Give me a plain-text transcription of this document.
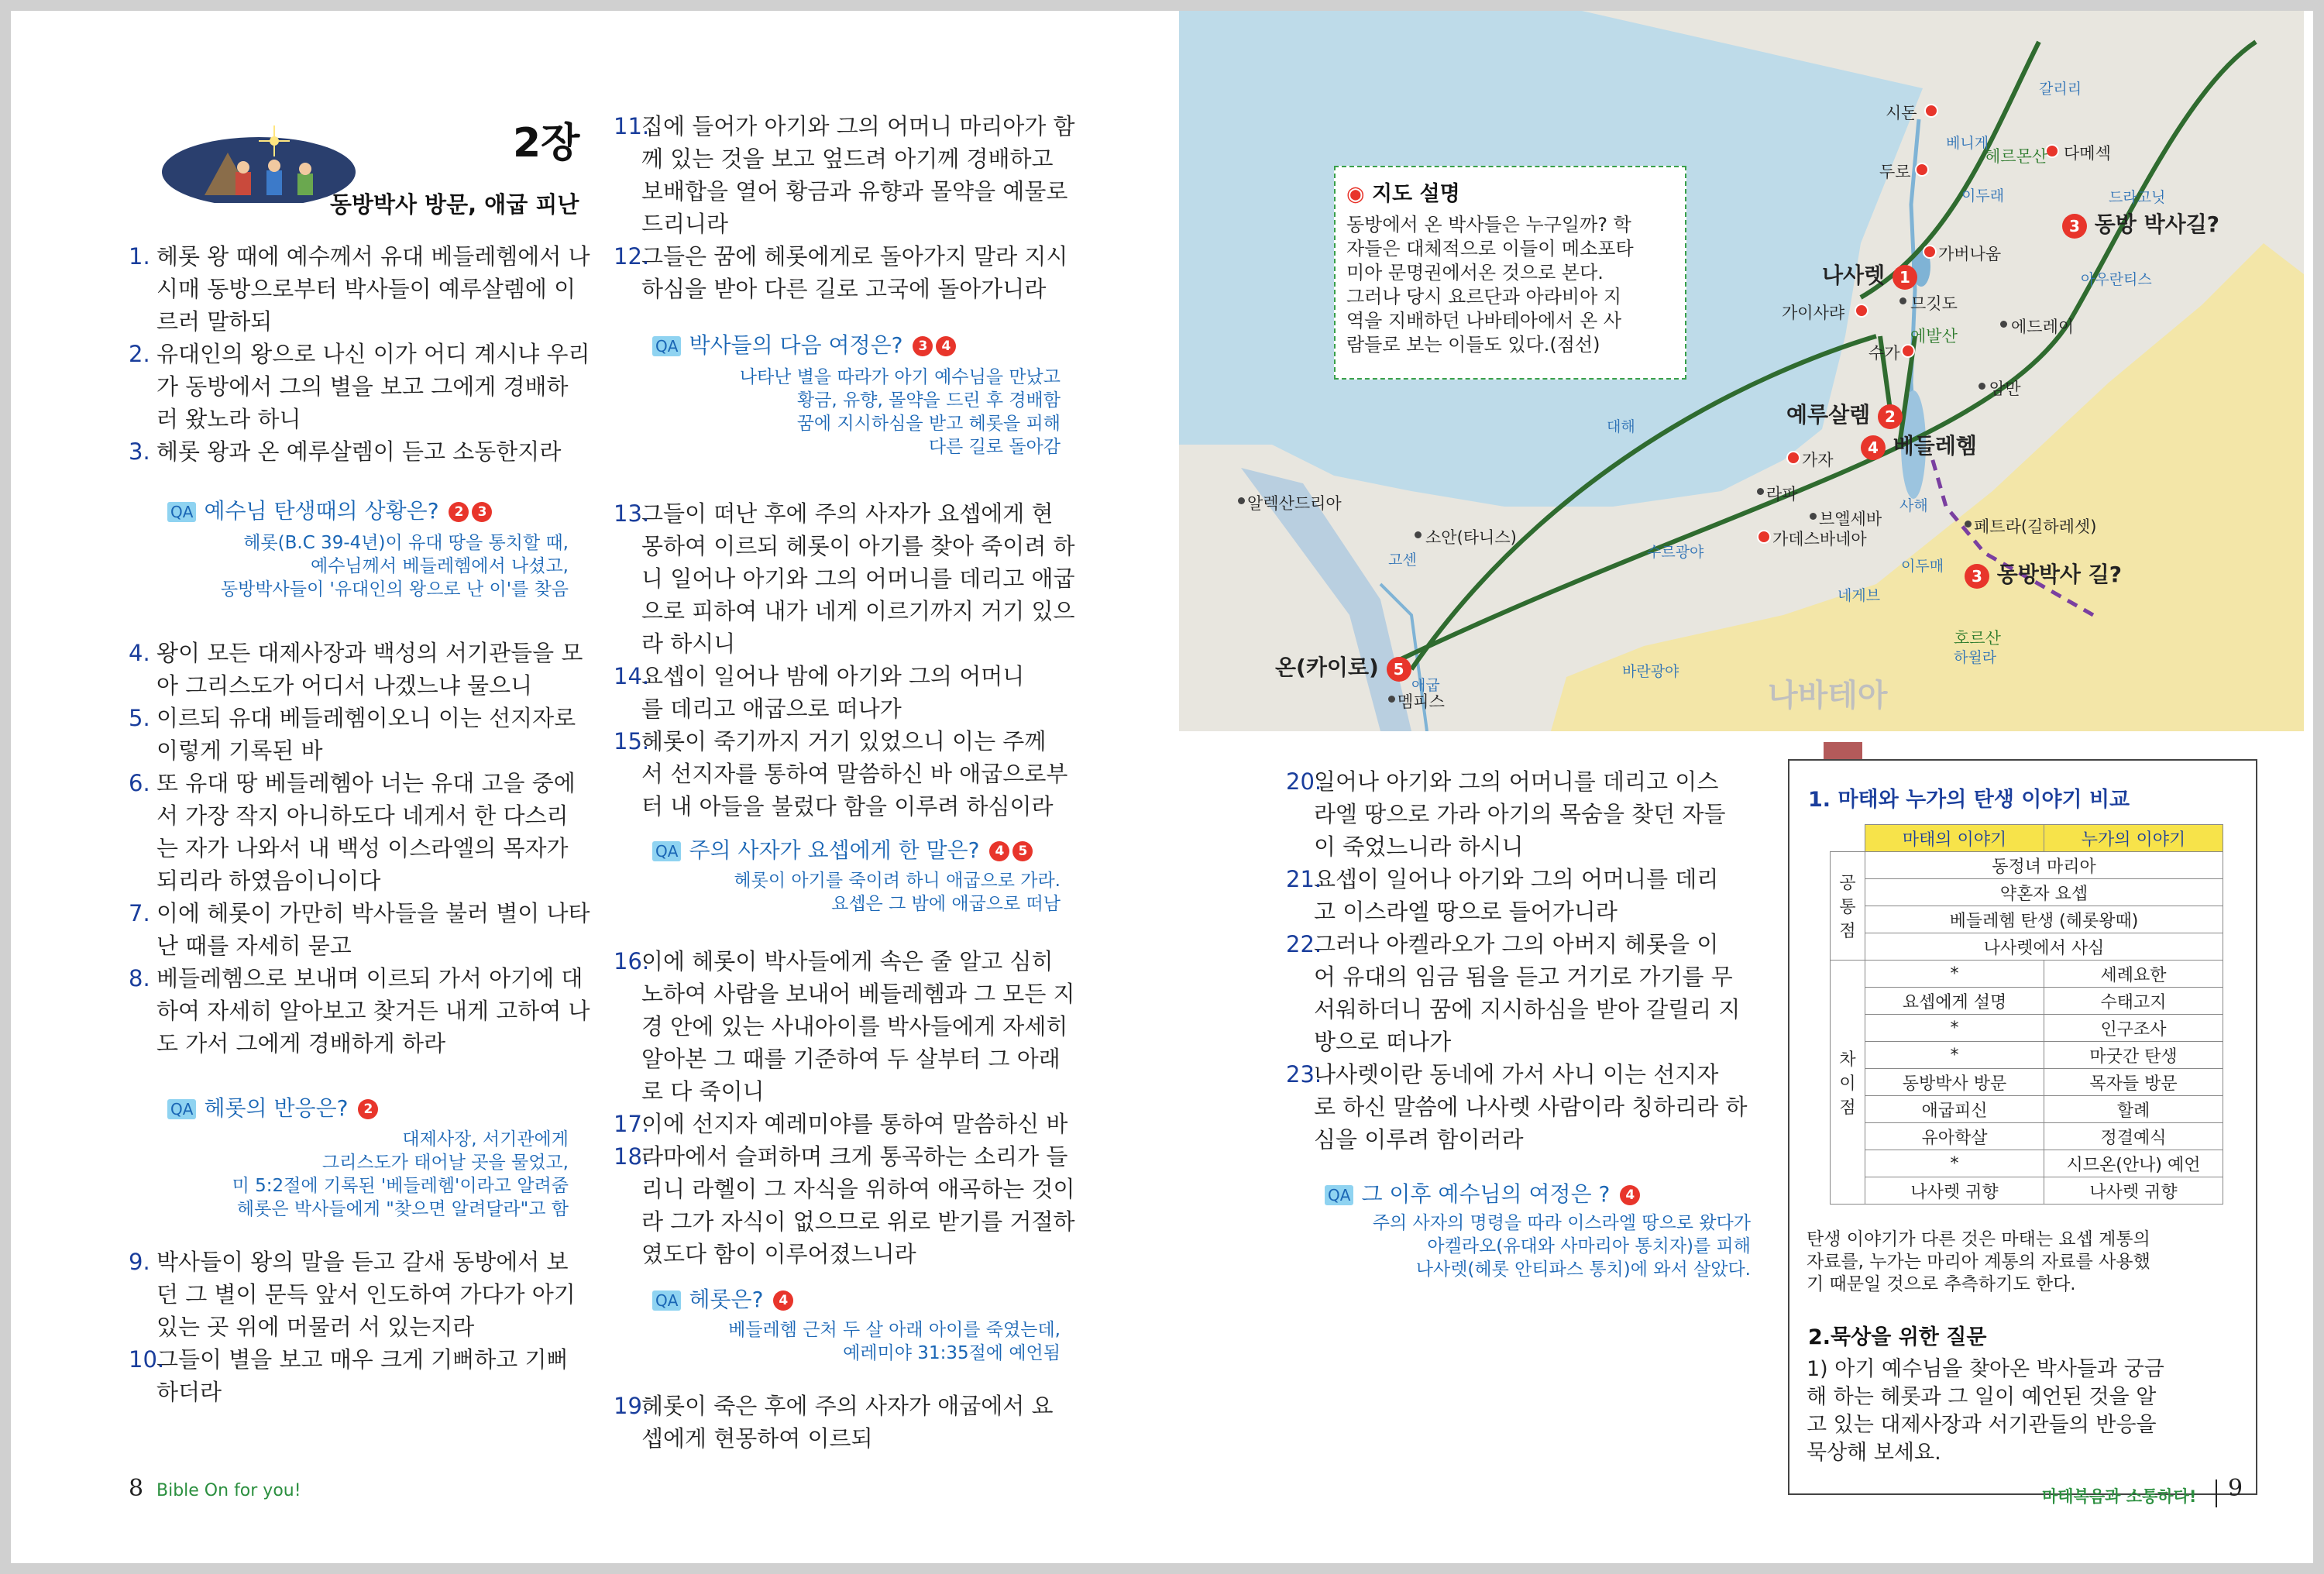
2장
동방박사 방문, 애굽 피난
1. 헤롯 왕 때에 예수께서 유대 베들레헴에서 나
시매 동방으로부터 박사들이 예루살렘에 이
르러 말하되
2. 유대인의 왕으로 나신 이가 어디 계시냐 우리
가 동방에서 그의 별을 보고 그에게 경배하
러 왔노라 하니
3. 헤롯 왕과 온 예루살렘이 듣고 소동한지라
QA 예수님 탄생때의 상황은? 2 3
헤롯(B.C 39-4년)이 유대 땅을 통치할 때,
예수님께서 베들레헴에서 나셨고,
동방박사들이 '유대인의 왕으로 난 이'를 찾음
4. 왕이 모든 대제사장과 백성의 서기관들을 모
아 그리스도가 어디서 나겠느냐 물으니
5. 이르되 유대 베들레헴이오니 이는 선지자로
이렇게 기록된 바
6. 또 유대 땅 베들레헴아 너는 유대 고을 중에
서 가장 작지 아니하도다 네게서 한 다스리
는 자가 나와서 내 백성 이스라엘의 목자가
되리라 하였음이니이다
7. 이에 헤롯이 가만히 박사들을 불러 별이 나타
난 때를 자세히 묻고
8. 베들레헴으로 보내며 이르되 가서 아기에 대
하여 자세히 알아보고 찾거든 내게 고하여 나
도 가서 그에게 경배하게 하라
QA 헤롯의 반응은? 2
대제사장, 서기관에게
그리스도가 태어날 곳을 물었고,
미 5:2절에 기록된 '베들레헴'이라고 알려줌
헤롯은 박사들에게 "찾으면 알려달라"고 함
9. 박사들이 왕의 말을 듣고 갈새 동방에서 보
던 그 별이 문득 앞서 인도하여 가다가 아기
있는 곳 위에 머물러 서 있는지라
10.
그들이 별을 보고 매우 크게 기뻐하고 기뻐
하더라
11.
집에 들어가 아기와 그의 어머니 마리아가 함
께 있는 것을 보고 엎드려 아기께 경배하고
보배합을 열어 황금과 유향과 몰약을 예물로
드리니라
12.
그들은 꿈에 헤롯에게로 돌아가지 말라 지시
하심을 받아 다른 길로 고국에 돌아가니라
QA 박사들의 다음 여정은? 3 4
나타난 별을 따라가 아기 예수님을 만났고
황금, 유향, 몰약을 드린 후 경배함
꿈에 지시하심을 받고 헤롯을 피해
다른 길로 돌아감
13.
그들이 떠난 후에 주의 사자가 요셉에게 현
몽하여 이르되 헤롯이 아기를 찾아 죽이려 하
니 일어나 아기와 그의 어머니를 데리고 애굽
으로 피하여 내가 네게 이르기까지 거기 있으
라 하시니
14.
요셉이 일어나 밤에 아기와 그의 어머니
를 데리고 애굽으로 떠나가
15.
헤롯이 죽기까지 거기 있었으니 이는 주께
서 선지자를 통하여 말씀하신 바 애굽으로부
터 내 아들을 불렀다 함을 이루려 하심이라
QA 주의 사자가 요셉에게 한 말은? 4 5
헤롯이 아기를 죽이려 하니 애굽으로 가라.
요셉은 그 밤에 애굽으로 떠남
16.
이에 헤롯이 박사들에게 속은 줄 알고 심히
노하여 사람을 보내어 베들레헴과 그 모든 지
경 안에 있는 사내아이를 박사들에게 자세히
알아본 그 때를 기준하여 두 살부터 그 아래
로 다 죽이니
17.
이에 선지자 예레미야를 통하여 말씀하신 바
18.
라마에서 슬퍼하며 크게 통곡하는 소리가 들
리니 라헬이 그 자식을 위하여 애곡하는 것이
라 그가 자식이 없으므로 위로 받기를 거절하
였도다 함이 이루어졌느니라
QA 헤롯은? 4
베들레헴 근처 두 살 아래 아이를 죽였는데,
예레미야 31:35절에 예언됨
19.
헤롯이 죽은 후에 주의 사자가 애굽에서 요
셉에게 현몽하여 이르되
8 Bible On for you!
◉ 지도 설명
동방에서 온 박사들은 누구일까? 학
자들은 대체적으로 이들이 메소포타
미아 문명권에서온 것으로 본다.
그러나 당시 요르단과 아라비아 지
역을 지배하던 나바테아에서 온 사
람들로 보는 이들도 있다.(점선)
시돈
두로
다메섹
헤르몬산
가버나움
나사렛 1
가이사랴	므깃도
에발산
수가
에드레이
암만
예루살렘 2
4 베들레헴
가자
라파
브엘세바
가데스바네아
페트라(길하레셋)
3 동방 박사길?
3 동방박사 길?
호르산
알렉산드리아
소안(타니스)
온(카이로) 5
멤피스	나바테아
갈리리
대해
베니게
이두래	드라고닛
아우란티스
고센	수르광야
네게브
이두매
바란광야
하윌라
사해
애굽
20.
일어나 아기와 그의 어머니를 데리고 이스
라엘 땅으로 가라 아기의 목숨을 찾던 자들
이 죽었느니라 하시니
21.
요셉이 일어나 아기와 그의 어머니를 데리
고 이스라엘 땅으로 들어가니라
22.
그러나 아켈라오가 그의 아버지 헤롯을 이
어 유대의 임금 됨을 듣고 거기로 가기를 무
서워하더니 꿈에 지시하심을 받아 갈릴리 지
방으로 떠나가
23.
나사렛이란 동네에 가서 사니 이는 선지자
로 하신 말씀에 나사렛 사람이라 칭하리라 하
심을 이루려 함이러라
QA 그 이후 예수님의 여정은 ? 4
주의 사자의 명령을 따라 이스라엘 땅으로 왔다가
아켈라오(유대와 사마리아 통치자)를 피해
나사렛(헤롯 안티파스 통치)에 와서 살았다.
1. 마태와 누가의 탄생 이야기 비교
	마태의 이야기	누가의 이야기

공
통
점	동정녀 마리아	
	약혼자 요셉	
	베들레헴 탄생 (헤롯왕때)	
	나사렛에서 사심	

차
이
점	*	세례요한
	요셉에게 설명	수태고지
	*	인구조사
	*	마굿간 탄생
	동방박사 방문	목자들 방문
	애굽피신	할례
	유아학살	정결예식
	*	시므온(안나) 예언
	나사렛 귀향	나사렛 귀향
탄생 이야기가 다른 것은 마태는 요셉 계통의
자료를, 누가는 마리아 계통의 자료를 사용했
기 때문일 것으로 추측하기도 한다.
2.묵상을 위한 질문
1) 아기 예수님을 찾아온 박사들과 궁금
해 하는 헤롯과 그 일이 예언된 것을 알
고 있는 대제사장과 서기관들의 반응을
묵상해 보세요.
마태복음과 소통하다! 9
